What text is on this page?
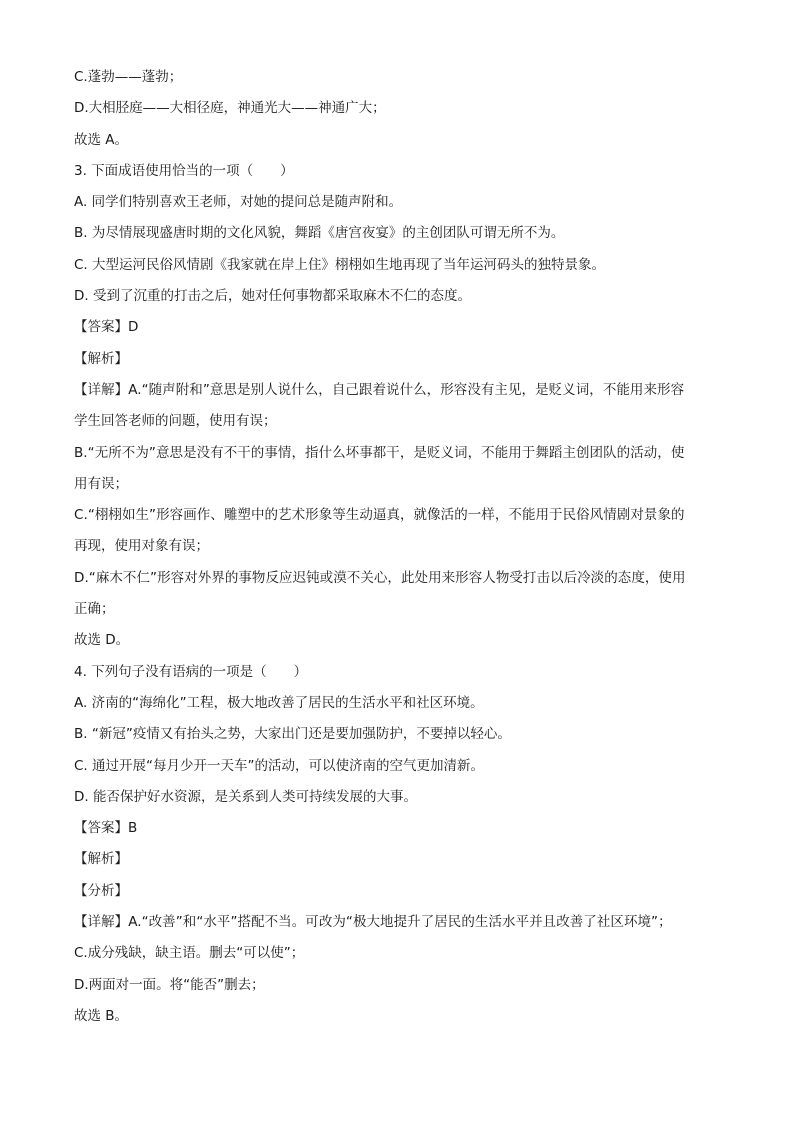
C.蓬勃——蓬勃；
D.大相胫庭——大相径庭，神通光大——神通广大；
故选 A。
3. 下面成语使用恰当的一项（　　）
A. 同学们特别喜欢王老师，对她的提问总是随声附和。
B. 为尽情展现盛唐时期的文化风貌，舞蹈《唐宫夜宴》的主创团队可谓无所不为。
C. 大型运河民俗风情剧《我家就在岸上住》栩栩如生地再现了当年运河码头的独特景象。
D. 受到了沉重的打击之后，她对任何事物都采取麻木不仁的态度。
【答案】D
【解析】
【详解】A.“随声附和”意思是别人说什么，自己跟着说什么，形容没有主见，是贬义词，不能用来形容
学生回答老师的问题，使用有误；
B.“无所不为”意思是没有不干的事情，指什么坏事都干，是贬义词，不能用于舞蹈主创团队的活动，使
用有误；
C.“栩栩如生”形容画作、雕塑中的艺术形象等生动逼真，就像活的一样，不能用于民俗风情剧对景象的
再现，使用对象有误；
D.“麻木不仁”形容对外界的事物反应迟钝或漠不关心，此处用来形容人物受打击以后冷淡的态度，使用
正确；
故选 D。
4. 下列句子没有语病的一项是（　　）
A. 济南的“海绵化”工程，极大地改善了居民的生活水平和社区环境。
B. “新冠”疫情又有抬头之势，大家出门还是要加强防护，不要掉以轻心。
C. 通过开展“每月少开一天车”的活动，可以使济南的空气更加清新。
D. 能否保护好水资源，是关系到人类可持续发展的大事。
【答案】B
【解析】
【分析】
【详解】A.“改善”和“水平”搭配不当。可改为“极大地提升了居民的生活水平并且改善了社区环境”；
C.成分残缺，缺主语。删去“可以使”；
D.两面对一面。将“能否”删去；
故选 B。
